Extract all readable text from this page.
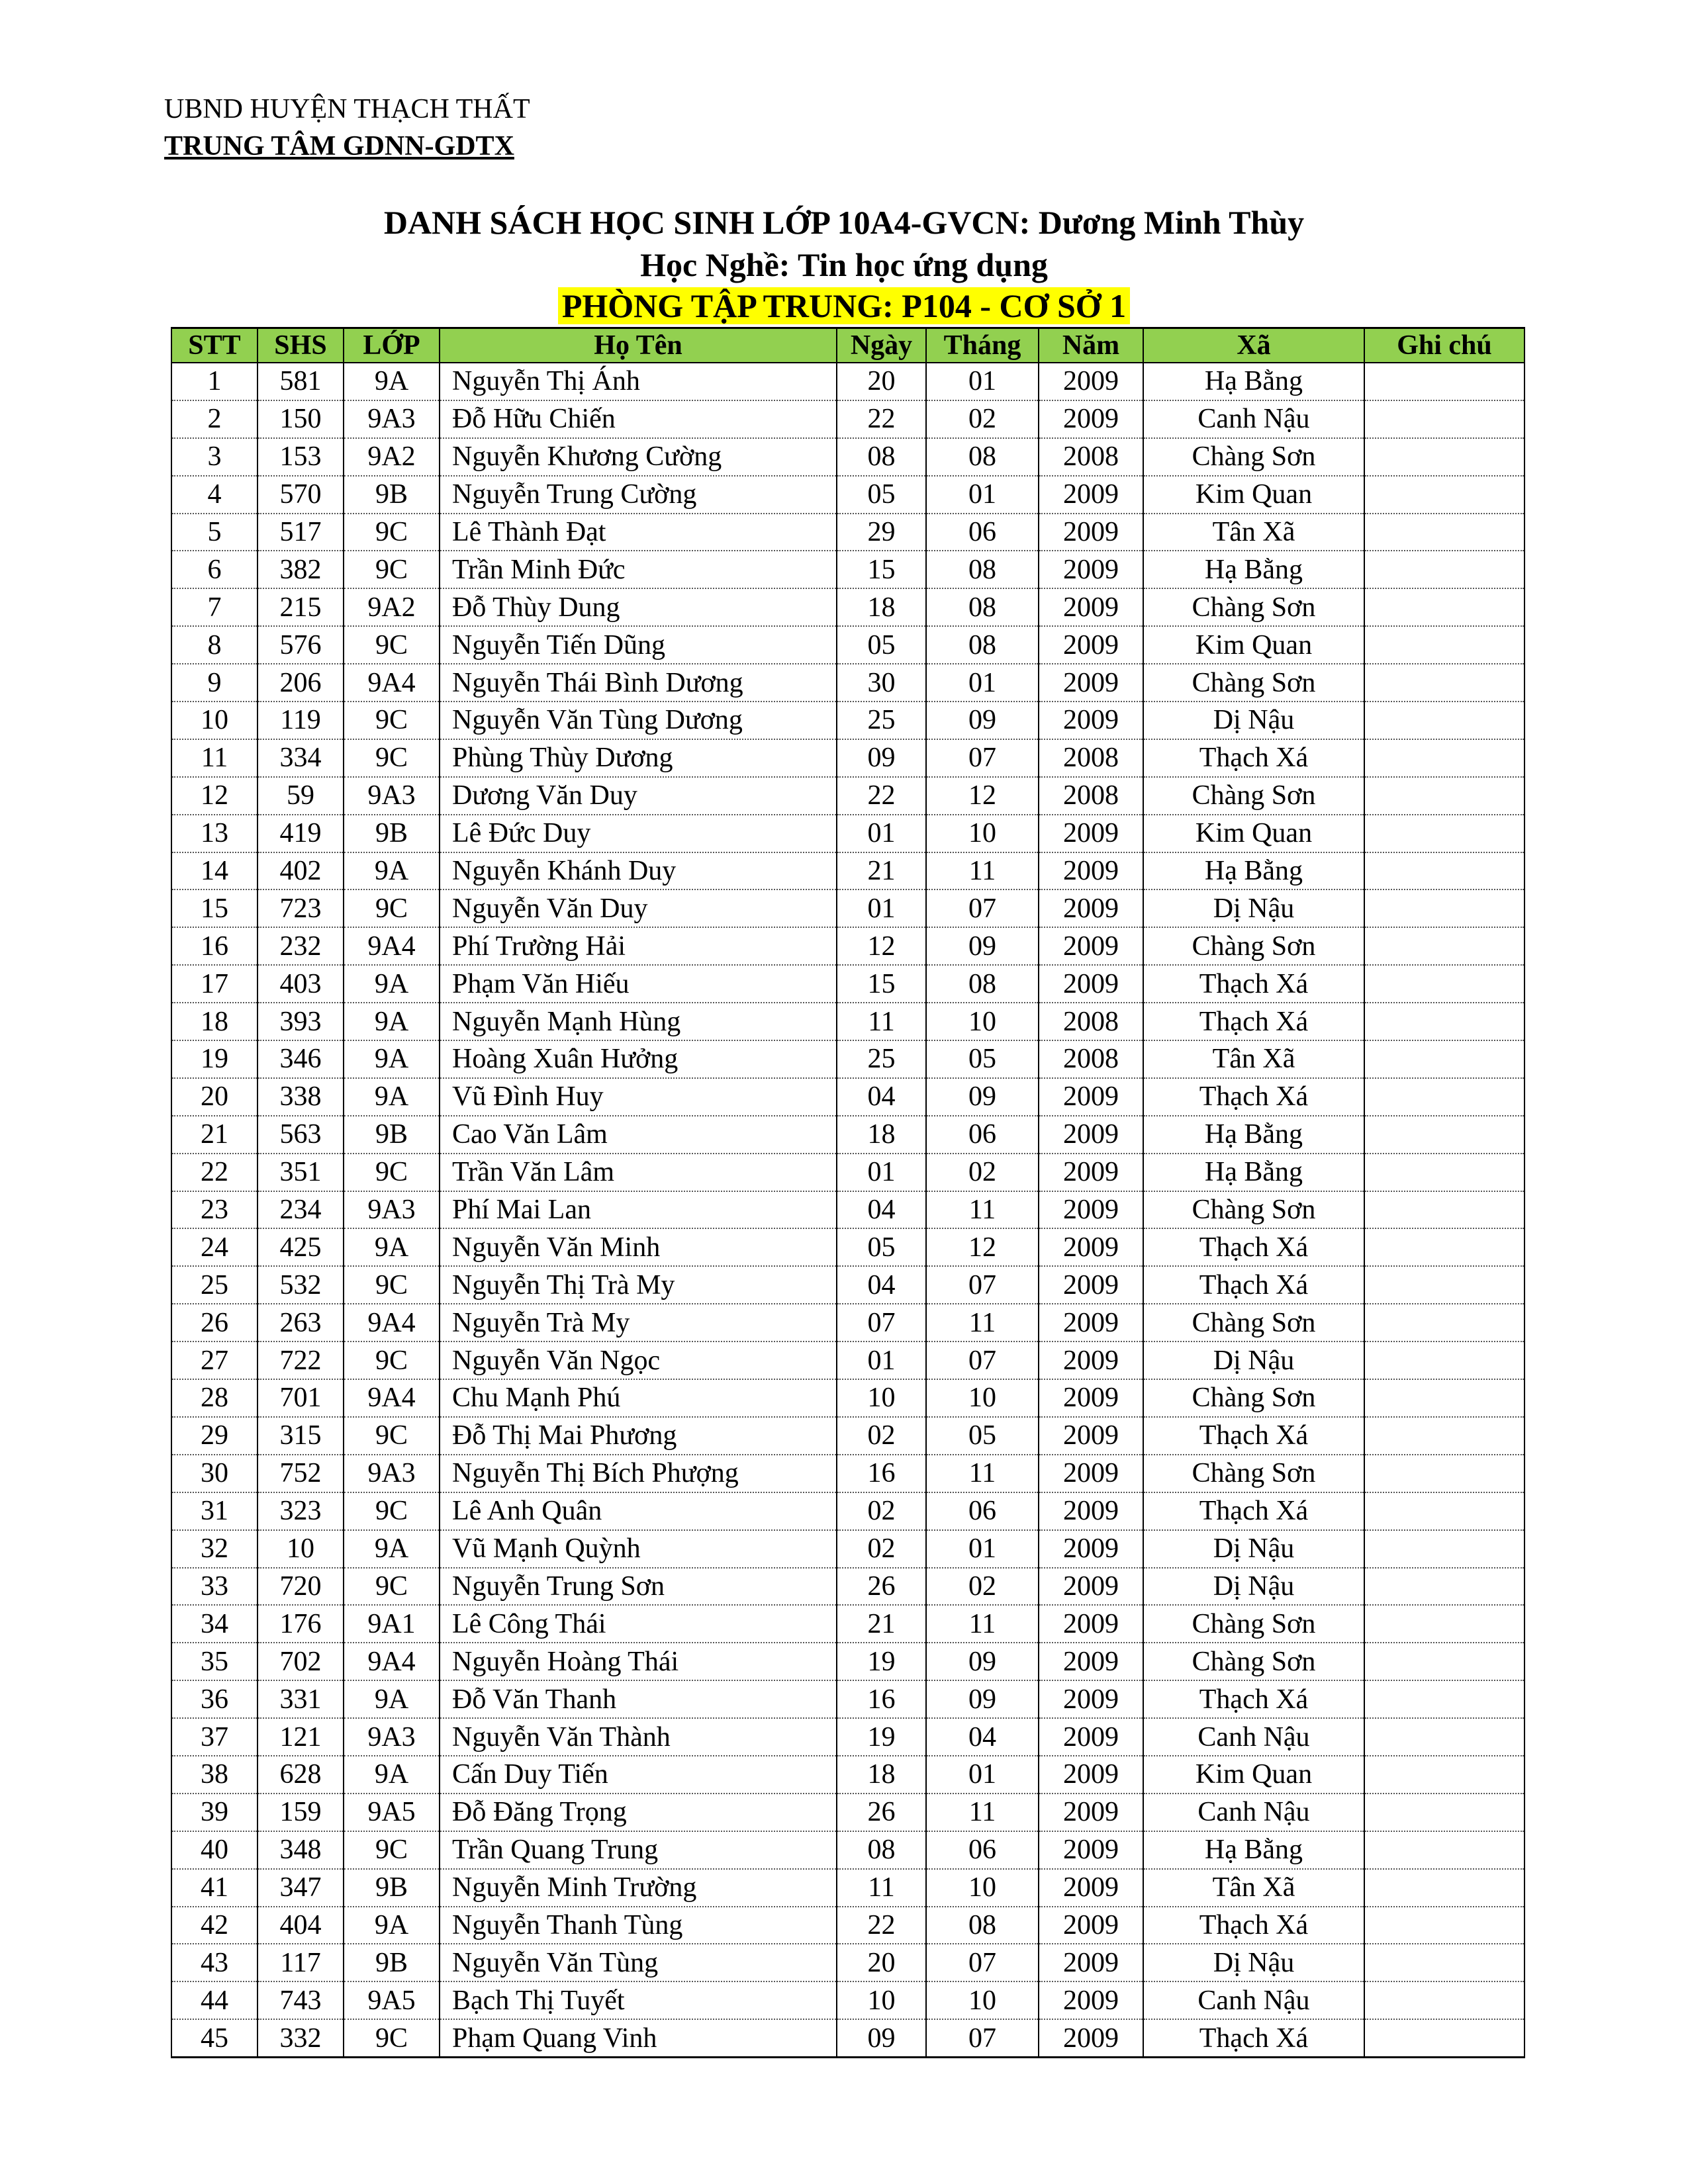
UBND HUYỆN THẠCH THẤT
TRUNG TÂM GDNN-GDTX
DANH SÁCH HỌC SINH LỚP 10A4-GVCN: Dương Minh Thùy
Học Nghề: Tin học ứng dụng
PHÒNG TẬP TRUNG: P104 - CƠ SỞ 1
STT	SHS	LỚP	Họ Tên	Ngày	Tháng	Năm	Xã	Ghi chú
1	581	9A	Nguyễn Thị Ánh	20	01	2009	Hạ Bằng	
2	150	9A3	Đỗ Hữu Chiến	22	02	2009	Canh Nậu	
3	153	9A2	Nguyễn Khương Cường	08	08	2008	Chàng Sơn	
4	570	9B	Nguyễn Trung Cường	05	01	2009	Kim Quan	
5	517	9C	Lê Thành Đạt	29	06	2009	Tân Xã	
6	382	9C	Trần Minh Đức	15	08	2009	Hạ Bằng	
7	215	9A2	Đỗ Thùy Dung	18	08	2009	Chàng Sơn	
8	576	9C	Nguyễn Tiến Dũng	05	08	2009	Kim Quan	
9	206	9A4	Nguyễn Thái Bình Dương	30	01	2009	Chàng Sơn	
10	119	9C	Nguyễn Văn Tùng Dương	25	09	2009	Dị Nậu	
11	334	9C	Phùng Thùy Dương	09	07	2008	Thạch Xá	
12	59	9A3	Dương Văn Duy	22	12	2008	Chàng Sơn	
13	419	9B	Lê Đức Duy	01	10	2009	Kim Quan	
14	402	9A	Nguyễn Khánh Duy	21	11	2009	Hạ Bằng	
15	723	9C	Nguyễn Văn Duy	01	07	2009	Dị Nậu	
16	232	9A4	Phí Trường Hải	12	09	2009	Chàng Sơn	
17	403	9A	Phạm Văn Hiếu	15	08	2009	Thạch Xá	
18	393	9A	Nguyễn Mạnh Hùng	11	10	2008	Thạch Xá	
19	346	9A	Hoàng Xuân Hưởng	25	05	2008	Tân Xã	
20	338	9A	Vũ Đình Huy	04	09	2009	Thạch Xá	
21	563	9B	Cao Văn Lâm	18	06	2009	Hạ Bằng	
22	351	9C	Trần Văn Lâm	01	02	2009	Hạ Bằng	
23	234	9A3	Phí Mai Lan	04	11	2009	Chàng Sơn	
24	425	9A	Nguyễn Văn Minh	05	12	2009	Thạch Xá	
25	532	9C	Nguyễn Thị Trà My	04	07	2009	Thạch Xá	
26	263	9A4	Nguyễn Trà My	07	11	2009	Chàng Sơn	
27	722	9C	Nguyễn Văn Ngọc	01	07	2009	Dị Nậu	
28	701	9A4	Chu Mạnh Phú	10	10	2009	Chàng Sơn	
29	315	9C	Đỗ Thị Mai Phương	02	05	2009	Thạch Xá	
30	752	9A3	Nguyễn Thị Bích Phượng	16	11	2009	Chàng Sơn	
31	323	9C	Lê Anh Quân	02	06	2009	Thạch Xá	
32	10	9A	Vũ Mạnh Quỳnh	02	01	2009	Dị Nậu	
33	720	9C	Nguyễn Trung Sơn	26	02	2009	Dị Nậu	
34	176	9A1	Lê Công Thái	21	11	2009	Chàng Sơn	
35	702	9A4	Nguyễn Hoàng Thái	19	09	2009	Chàng Sơn	
36	331	9A	Đỗ Văn Thanh	16	09	2009	Thạch Xá	
37	121	9A3	Nguyễn Văn Thành	19	04	2009	Canh Nậu	
38	628	9A	Cấn Duy Tiến	18	01	2009	Kim Quan	
39	159	9A5	Đỗ Đăng Trọng	26	11	2009	Canh Nậu	
40	348	9C	Trần Quang Trung	08	06	2009	Hạ Bằng	
41	347	9B	Nguyễn Minh Trường	11	10	2009	Tân Xã	
42	404	9A	Nguyễn Thanh Tùng	22	08	2009	Thạch Xá	
43	117	9B	Nguyễn Văn Tùng	20	07	2009	Dị Nậu	
44	743	9A5	Bạch Thị Tuyết	10	10	2009	Canh Nậu	
45	332	9C	Phạm Quang Vinh	09	07	2009	Thạch Xá	
